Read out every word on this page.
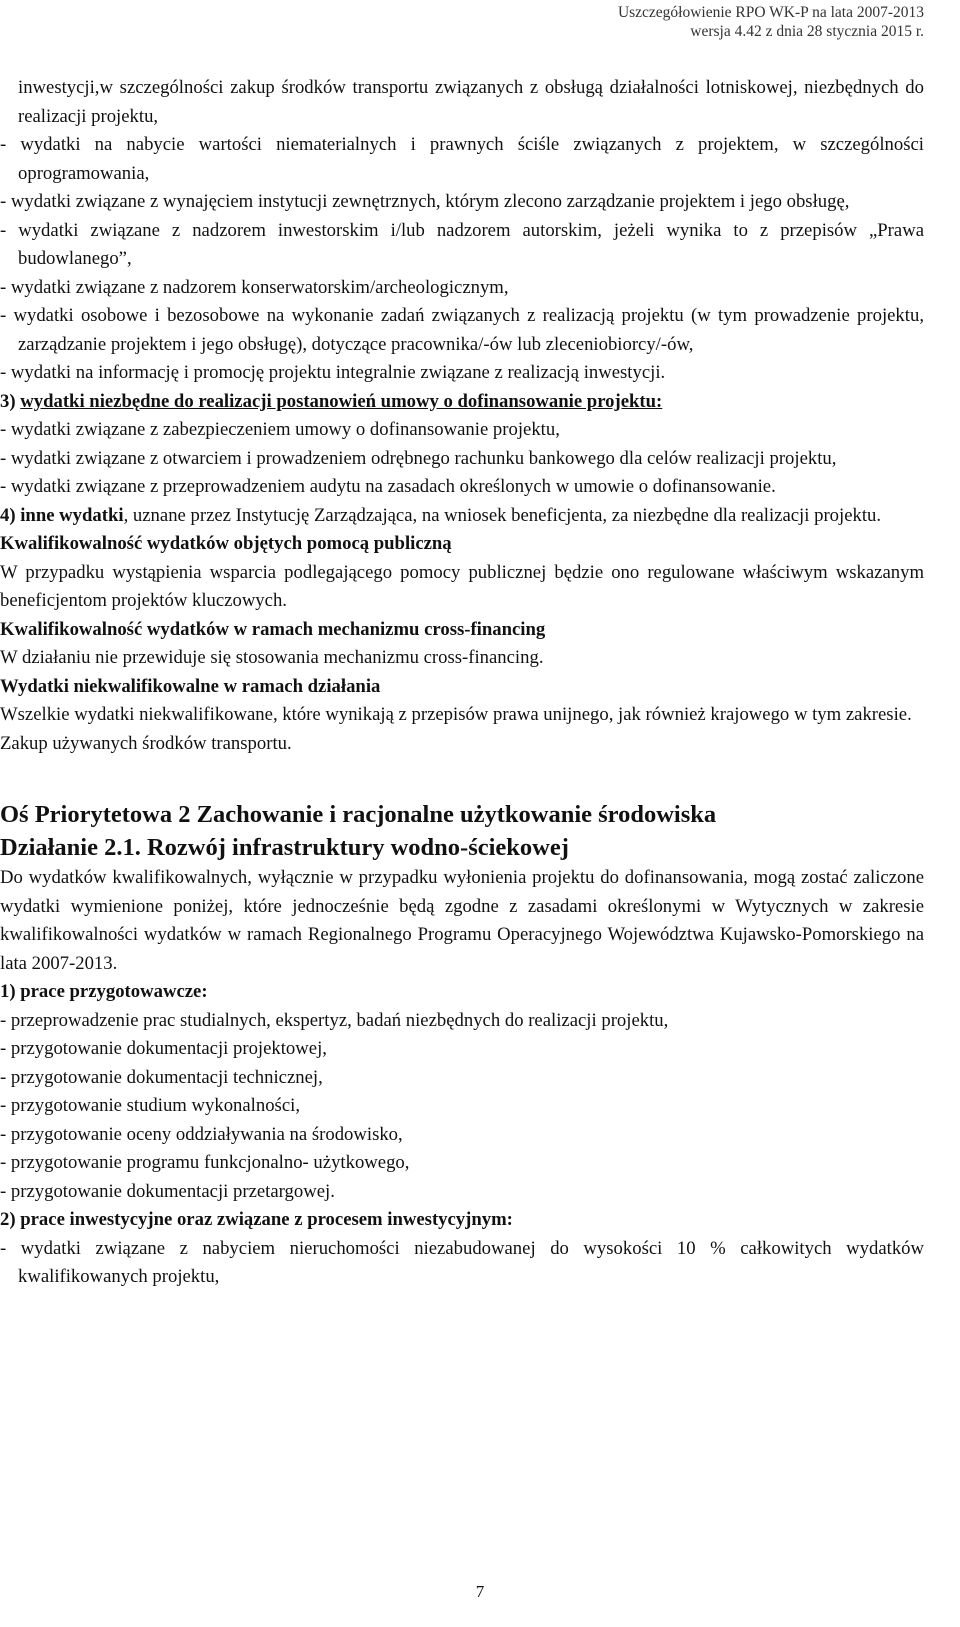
Uszczegółowienie RPO WK-P na lata 2007-2013
wersja 4.42 z dnia 28 stycznia 2015 r.

inwestycji,w szczególności zakup środków transportu związanych z obsługą działalności lotniskowej, niezbędnych do realizacji projektu,

- wydatki na nabycie wartości niematerialnych i prawnych ściśle związanych z projektem, w szczególności oprogramowania,

- wydatki związane z wynajęciem instytucji zewnętrznych, którym zlecono zarządzanie projektem i jego obsługę,

- wydatki związane z nadzorem inwestorskim i/lub nadzorem autorskim, jeżeli wynika to z przepisów „Prawa budowlanego”,

- wydatki związane z nadzorem konserwatorskim/archeologicznym,

- wydatki osobowe i bezosobowe na wykonanie zadań związanych z realizacją projektu (w tym prowadzenie projektu, zarządzanie projektem i jego obsługę), dotyczące pracownika/-ów lub zleceniobiorcy/-ów,

- wydatki na informację i promocję projektu integralnie związane z realizacją inwestycji.

3) wydatki niezbędne do realizacji postanowień umowy o dofinansowanie projektu:

- wydatki związane z zabezpieczeniem umowy o dofinansowanie projektu,

- wydatki związane z otwarciem i prowadzeniem odrębnego rachunku bankowego dla celów realizacji projektu,

- wydatki związane z przeprowadzeniem audytu na zasadach określonych w umowie o dofinansowanie.

4) inne wydatki, uznane przez Instytucję Zarządzająca, na wniosek beneficjenta, za niezbędne dla realizacji projektu.

Kwalifikowalność wydatków objętych pomocą publiczną

W przypadku wystąpienia wsparcia podlegającego pomocy publicznej będzie ono regulowane właściwym wskazanym beneficjentom projektów kluczowych.

Kwalifikowalność wydatków w ramach mechanizmu cross-financing

W działaniu nie przewiduje się stosowania mechanizmu cross-financing.

Wydatki niekwalifikowalne w ramach działania

Wszelkie wydatki niekwalifikowane, które wynikają z przepisów prawa unijnego, jak również krajowego w tym zakresie.

Zakup używanych środków transportu.

Oś Priorytetowa 2 Zachowanie i racjonalne użytkowanie środowiska

Działanie 2.1. Rozwój infrastruktury wodno-ściekowej

Do wydatków kwalifikowalnych, wyłącznie w przypadku wyłonienia projektu do dofinansowania, mogą zostać zaliczone wydatki wymienione poniżej, które jednocześnie będą zgodne z zasadami określonymi w Wytycznych w zakresie kwalifikowalności wydatków w ramach Regionalnego Programu Operacyjnego Województwa Kujawsko-Pomorskiego na lata 2007-2013.

1) prace przygotowawcze:

- przeprowadzenie prac studialnych, ekspertyz, badań niezbędnych do realizacji projektu,

- przygotowanie dokumentacji projektowej,

- przygotowanie dokumentacji technicznej,

- przygotowanie studium wykonalności,

- przygotowanie oceny oddziaływania na środowisko,

- przygotowanie programu funkcjonalno- użytkowego,

- przygotowanie dokumentacji przetargowej.

2) prace inwestycyjne oraz związane z procesem inwestycyjnym:

- wydatki związane z nabyciem nieruchomości niezabudowanej do wysokości 10 % całkowitych wydatków kwalifikowanych projektu,

7
